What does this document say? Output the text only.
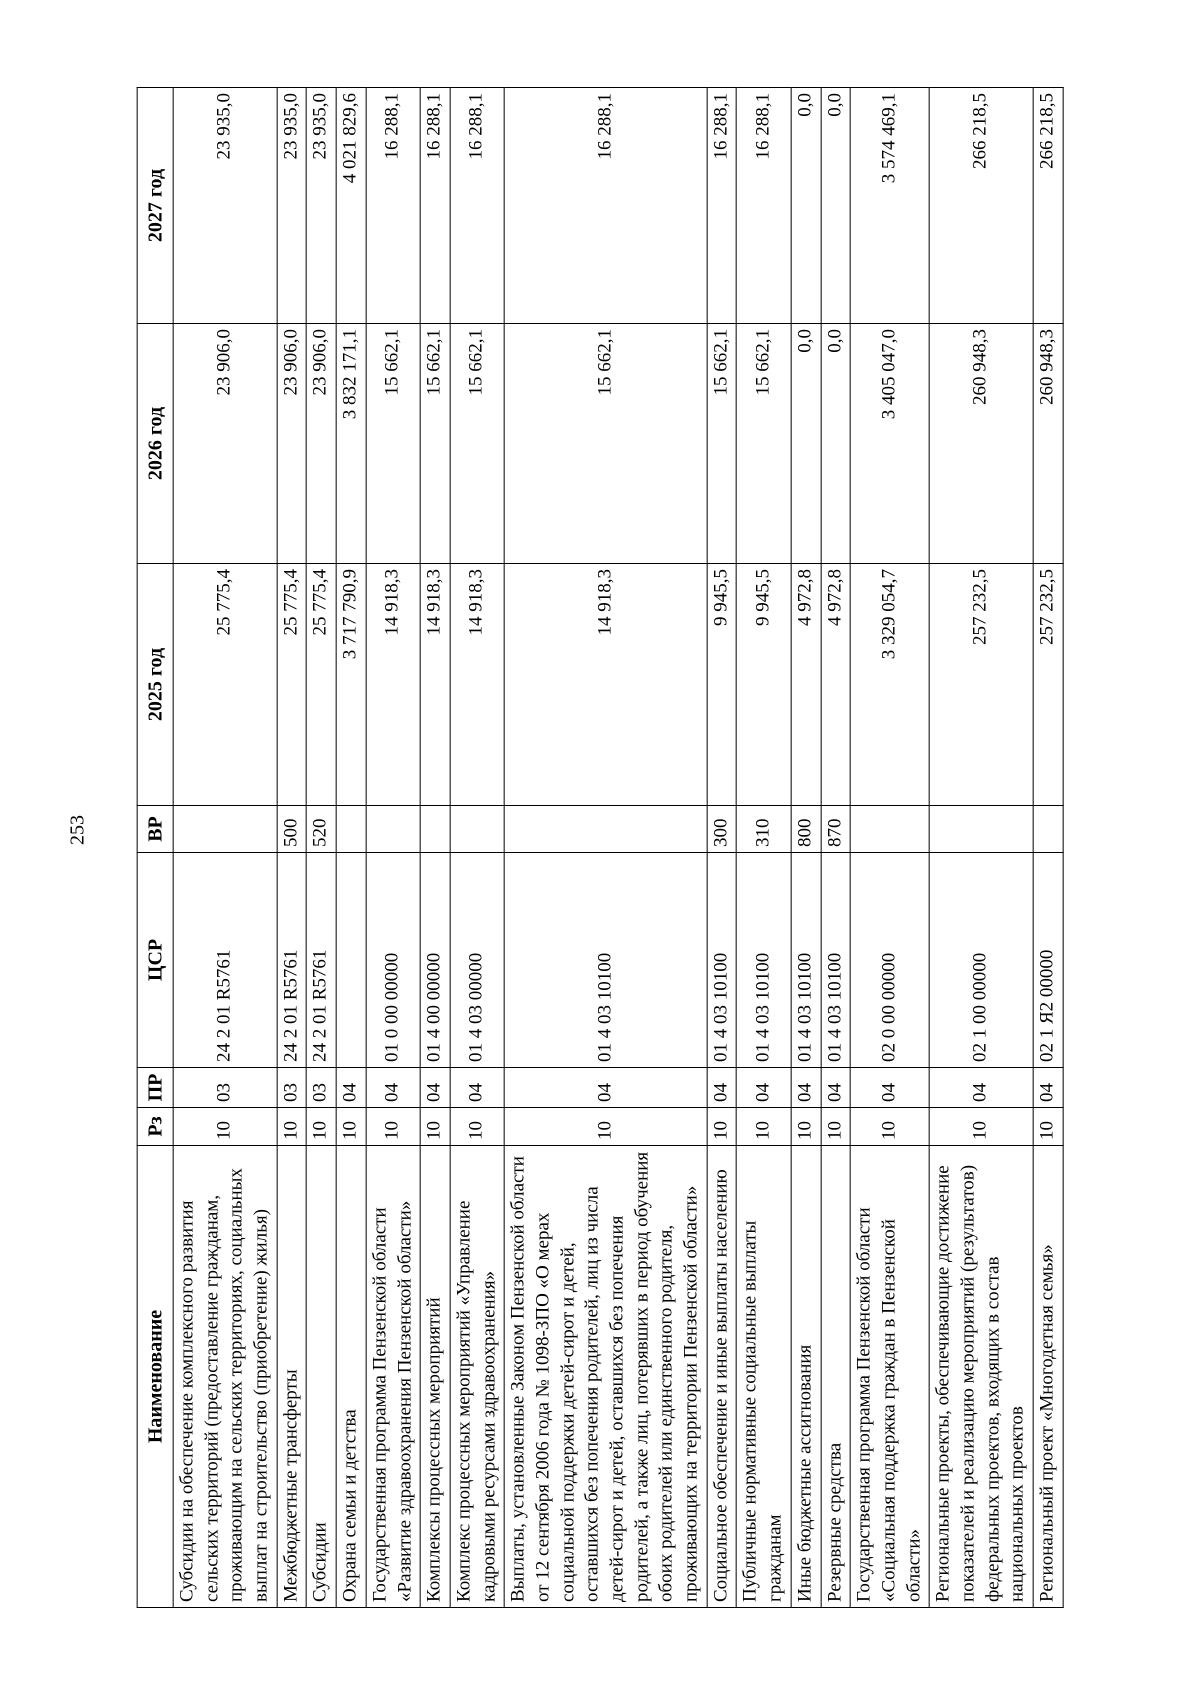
253
Наименование	Рз	ПР	ЦСР	ВР	2025 год	2026 год	2027 год
Субсидии на обеспечение комплексного развития сельских территорий (предоставление гражданам, проживающим на сельских территориях, социальных выплат на строительство (приобретение) жилья)	10	03	24 2 01 R5761		25 775,4	23 906,0	23 935,0
Межбюджетные трансферты	10	03	24 2 01 R5761	500	25 775,4	23 906,0	23 935,0
Субсидии	10	03	24 2 01 R5761	520	25 775,4	23 906,0	23 935,0
Охрана семьи и детства	10	04			3 717 790,9	3 832 171,1	4 021 829,6
Государственная программа Пензенской области «Развитие здравоохранения Пензенской области»	10	04	01 0 00 00000		14 918,3	15 662,1	16 288,1
Комплексы процессных мероприятий	10	04	01 4 00 00000		14 918,3	15 662,1	16 288,1
Комплекс процессных мероприятий «Управление кадровыми ресурсами здравоохранения»	10	04	01 4 03 00000		14 918,3	15 662,1	16 288,1
Выплаты, установленные Законом Пензенской области от 12 сентября 2006 года № 1098-ЗПО «О мерах социальной поддержки детей-сирот и детей, оставшихся без попечения родителей, лиц из числа детей-сирот и детей, оставшихся без попечения родителей, а также лиц, потерявших в период обучения обоих родителей или единственного родителя, проживающих на территории Пензенской области»	10	04	01 4 03 10100		14 918,3	15 662,1	16 288,1
Социальное обеспечение и иные выплаты населению	10	04	01 4 03 10100	300	9 945,5	15 662,1	16 288,1
Публичные нормативные социальные выплаты гражданам	10	04	01 4 03 10100	310	9 945,5	15 662,1	16 288,1
Иные бюджетные ассигнования	10	04	01 4 03 10100	800	4 972,8	0,0	0,0
Резервные средства	10	04	01 4 03 10100	870	4 972,8	0,0	0,0
Государственная программа Пензенской области «Социальная поддержка граждан в Пензенской области»	10	04	02 0 00 00000		3 329 054,7	3 405 047,0	3 574 469,1
Региональные проекты, обеспечивающие достижение показателей и реализацию мероприятий (результатов) федеральных проектов, входящих в состав национальных проектов	10	04	02 1 00 00000		257 232,5	260 948,3	266 218,5
Региональный проект «Многодетная семья»	10	04	02 1 Я2 00000		257 232,5	260 948,3	266 218,5
